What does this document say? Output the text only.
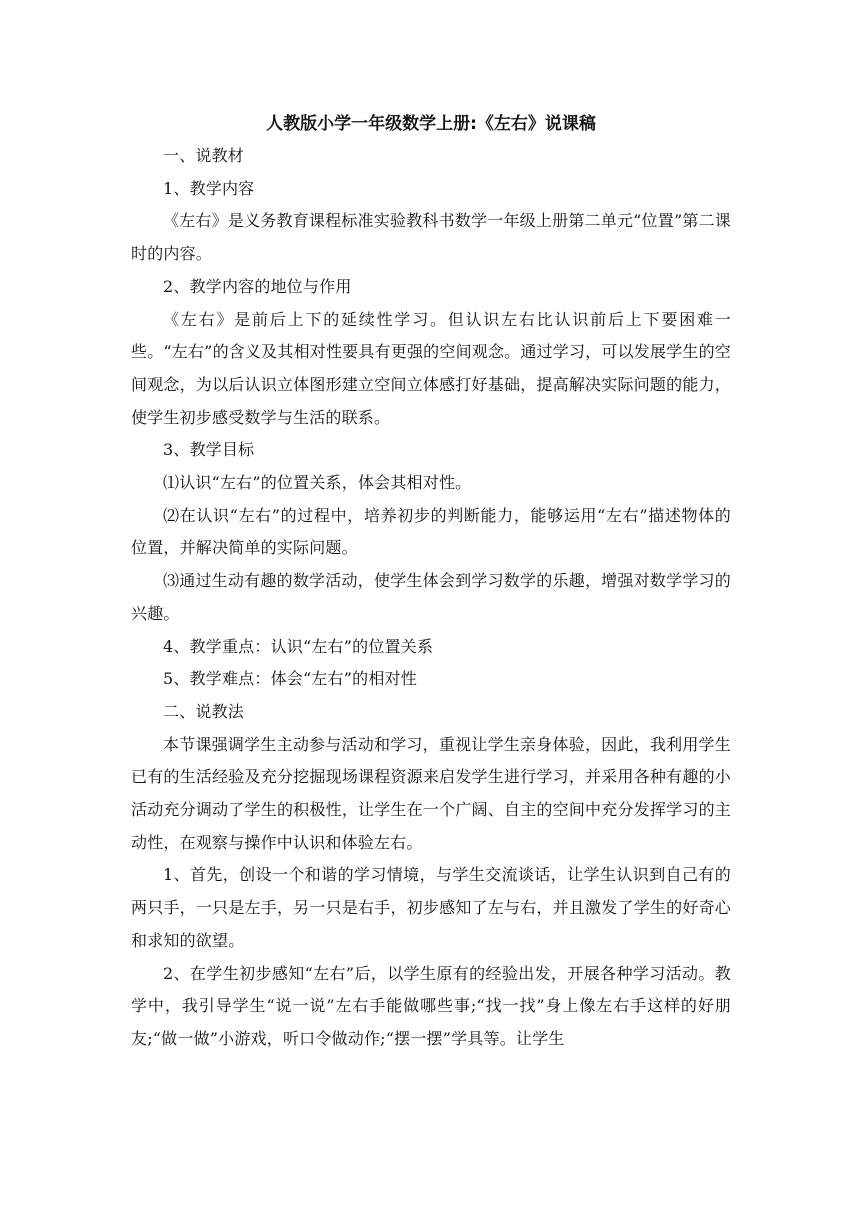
人教版小学一年级数学上册:《左右》说课稿

一、说教材

1、教学内容

《左右》是义务教育课程标准实验教科书数学一年级上册第二单元“位置”第二课时的内容。

2、教学内容的地位与作用

《左右》是前后上下的延续性学习。但认识左右比认识前后上下要困难一些。“左右”的含义及其相对性要具有更强的空间观念。通过学习，可以发展学生的空间观念，为以后认识立体图形建立空间立体感打好基础，提高解决实际问题的能力，使学生初步感受数学与生活的联系。

3、教学目标

⑴认识“左右”的位置关系，体会其相对性。

⑵在认识“左右”的过程中，培养初步的判断能力，能够运用“左右”描述物体的位置，并解决简单的实际问题。

⑶通过生动有趣的数学活动，使学生体会到学习数学的乐趣，增强对数学学习的兴趣。

4、教学重点：认识“左右”的位置关系

5、教学难点：体会“左右”的相对性

二、说教法

本节课强调学生主动参与活动和学习，重视让学生亲身体验，因此，我利用学生已有的生活经验及充分挖掘现场课程资源来启发学生进行学习，并采用各种有趣的小活动充分调动了学生的积极性，让学生在一个广阔、自主的空间中充分发挥学习的主动性，在观察与操作中认识和体验左右。

1、首先，创设一个和谐的学习情境，与学生交流谈话，让学生认识到自己有的两只手，一只是左手，另一只是右手，初步感知了左与右，并且激发了学生的好奇心和求知的欲望。

2、在学生初步感知“左右”后，以学生原有的经验出发，开展各种学习活动。教学中，我引导学生“说一说”左右手能做哪些事;“找一找”身上像左右手这样的好朋友;“做一做”小游戏，听口令做动作;“摆一摆”学具等。让学生
